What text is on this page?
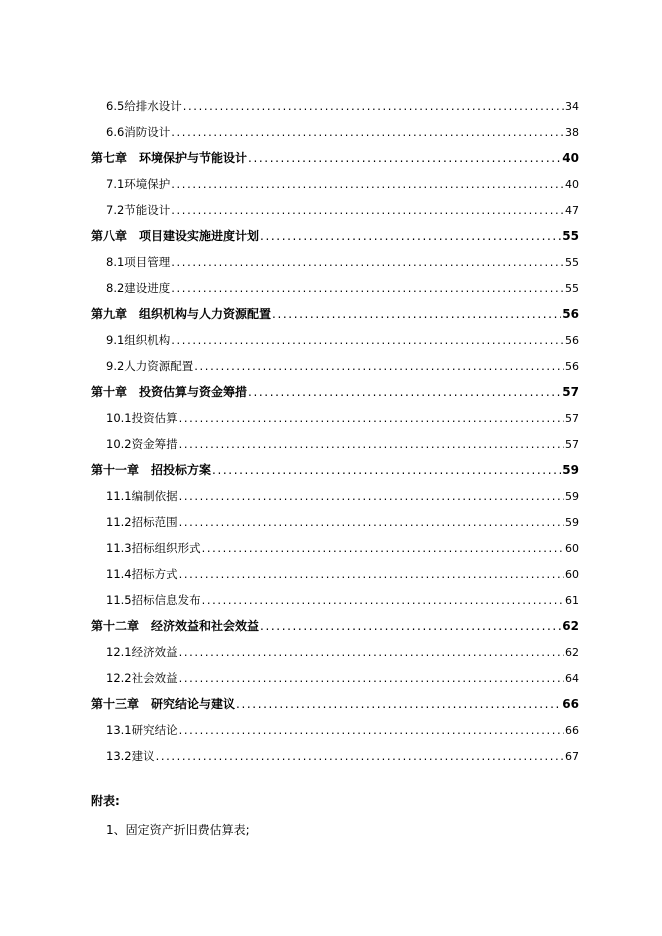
6.5给排水设计 .....	34
6.6消防设计 .....	38
第七章 环境保护与节能设计 .....	40
7.1环境保护 .....	40
7.2节能设计 .....	47
第八章 项目建设实施进度计划 .....	55
8.1项目管理 .....	55
8.2建设进度 .....	55
第九章 组织机构与人力资源配置 .....	56
9.1组织机构 .....	56
9.2人力资源配置 .....	56
第十章 投资估算与资金筹措 .....	57
10.1投资估算 .....	57
10.2资金筹措 .....	57
第十一章 招投标方案 .....	59
11.1编制依据 .....	59
11.2招标范围 .....	59
11.3招标组织形式 .....	60
11.4招标方式 .....	60
11.5招标信息发布 .....	61
第十二章 经济效益和社会效益 .....	62
12.1经济效益 .....	62
12.2社会效益 .....	64
第十三章 研究结论与建议 .....	66
13.1研究结论 .....	66
13.2建议 .....	67
附表:
1、固定资产折旧费估算表;
